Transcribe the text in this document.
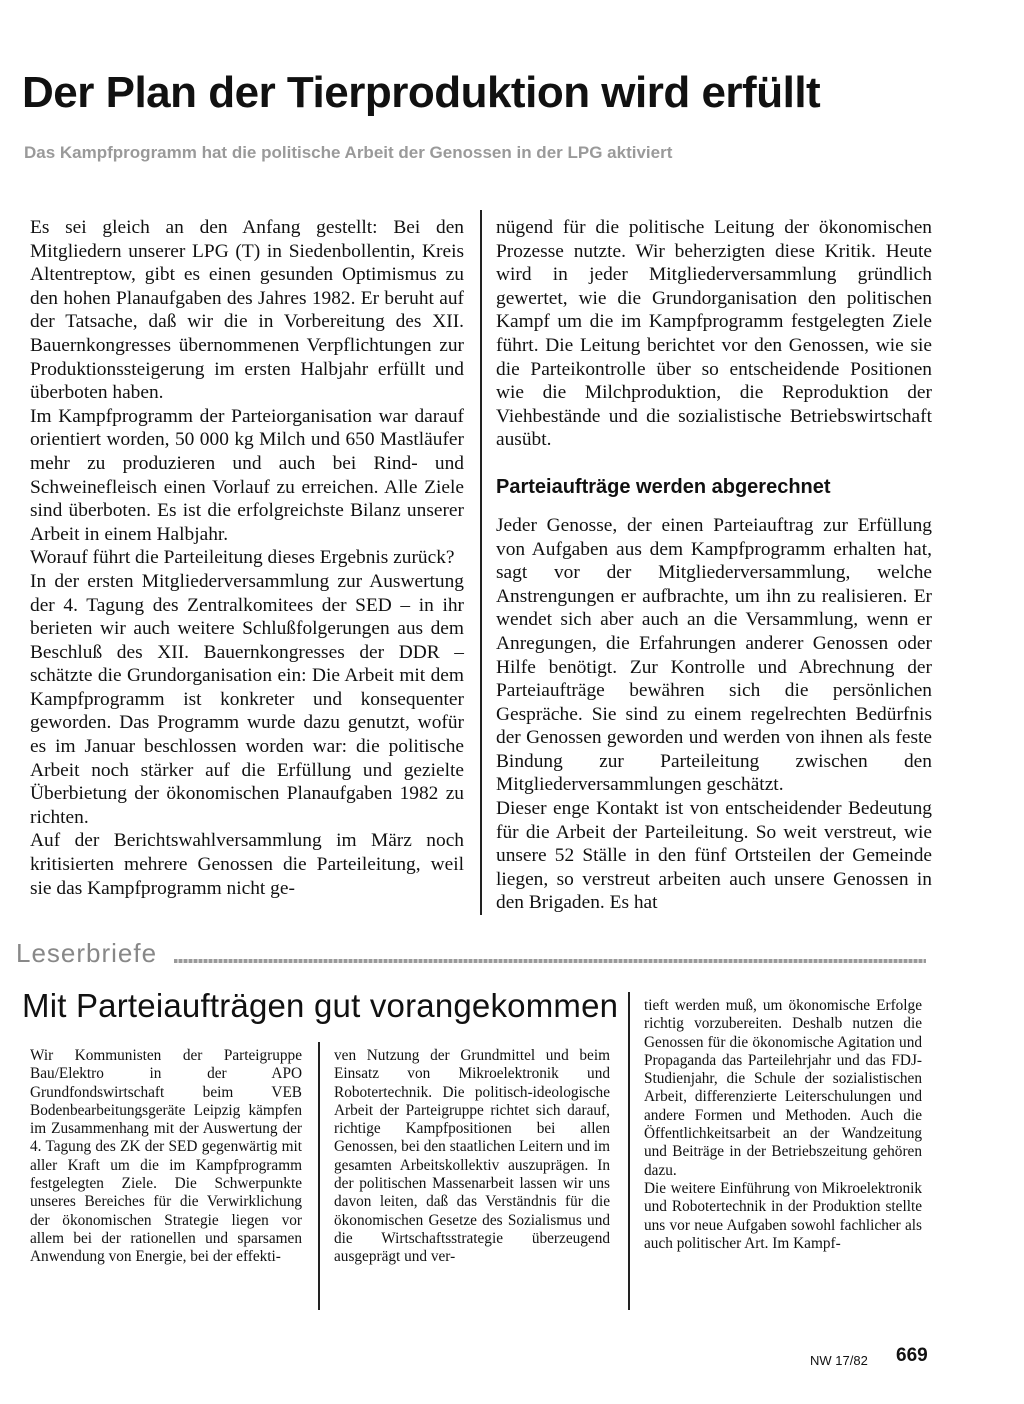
Der Plan der Tierproduktion wird erfüllt
Das Kampfprogramm hat die politische Arbeit der Genossen in der LPG aktiviert

Es sei gleich an den Anfang gestellt: Bei den Mitgliedern unserer LPG (T) in Siedenbollentin, Kreis Altentreptow, gibt es einen gesunden Optimismus zu den hohen Planaufgaben des Jahres 1982. Er beruht auf der Tatsache, daß wir die in Vorbereitung des XII. Bauernkongresses übernommenen Verpflichtungen zur Produktionssteigerung im ersten Halbjahr erfüllt und überboten haben.

Im Kampfprogramm der Parteiorganisation war darauf orientiert worden, 50 000 kg Milch und 650 Mastläufer mehr zu produzieren und auch bei Rind- und Schweinefleisch einen Vorlauf zu erreichen. Alle Ziele sind überboten. Es ist die erfolgreichste Bilanz unserer Arbeit in einem Halbjahr.

Worauf führt die Parteileitung dieses Ergebnis zurück?

In der ersten Mitgliederversammlung zur Auswertung der 4. Tagung des Zentralkomitees der SED – in ihr berieten wir auch weitere Schlußfolgerungen aus dem Beschluß des XII. Bauernkongresses der DDR – schätzte die Grundorganisation ein: Die Arbeit mit dem Kampfprogramm ist konkreter und konsequenter geworden. Das Programm wurde dazu genutzt, wofür es im Januar beschlossen worden war: die politische Arbeit noch stärker auf die Erfüllung und gezielte Überbietung der ökonomischen Planaufgaben 1982 zu richten.

Auf der Berichtswahlversammlung im März noch kritisierten mehrere Genossen die Parteileitung, weil sie das Kampfprogramm nicht ge-

nügend für die politische Leitung der ökonomischen Prozesse nutzte. Wir beherzigten diese Kritik. Heute wird in jeder Mitgliederversammlung gründlich gewertet, wie die Grundorganisation den politischen Kampf um die im Kampfprogramm festgelegten Ziele führt. Die Leitung berichtet vor den Genossen, wie sie die Parteikontrolle über so entscheidende Positionen wie die Milchproduktion, die Reproduktion der Viehbestände und die sozialistische Betriebswirtschaft ausübt.

Parteiaufträge werden abgerechnet

Jeder Genosse, der einen Parteiauftrag zur Erfüllung von Aufgaben aus dem Kampfprogramm erhalten hat, sagt vor der Mitgliederversammlung, welche Anstrengungen er aufbrachte, um ihn zu realisieren. Er wendet sich aber auch an die Versammlung, wenn er Anregungen, die Erfahrungen anderer Genossen oder Hilfe benötigt. Zur Kontrolle und Abrechnung der Parteiaufträge bewähren sich die persönlichen Gespräche. Sie sind zu einem regelrechten Bedürfnis der Genossen geworden und werden von ihnen als feste Bindung zur Parteileitung zwischen den Mitgliederversammlungen geschätzt.

Dieser enge Kontakt ist von entscheidender Bedeutung für die Arbeit der Parteileitung. So weit verstreut, wie unsere 52 Ställe in den fünf Ortsteilen der Gemeinde liegen, so verstreut arbeiten auch unsere Genossen in den Brigaden. Es hat

Leserbriefe
Mit Parteiaufträgen gut vorangekommen

Wir Kommunisten der Parteigruppe Bau/Elektro in der APO Grundfondswirtschaft beim VEB Bodenbearbeitungsgeräte Leipzig kämpfen im Zusammenhang mit der Auswertung der 4. Tagung des ZK der SED gegenwärtig mit aller Kraft um die im Kampfprogramm festgelegten Ziele. Die Schwerpunkte unseres Bereiches für die Verwirklichung der ökonomischen Strategie liegen vor allem bei der rationellen und sparsamen Anwendung von Energie, bei der effekti-

ven Nutzung der Grundmittel und beim Einsatz von Mikroelektronik und Robotertechnik. Die politisch-ideologische Arbeit der Parteigruppe richtet sich darauf, richtige Kampfpositionen bei allen Genossen, bei den staatlichen Leitern und im gesamten Arbeitskollektiv auszuprägen. In der politischen Massenarbeit lassen wir uns davon leiten, daß das Verständnis für die ökonomischen Gesetze des Sozialismus und die Wirtschaftsstrategie überzeugend ausgeprägt und ver-

tieft werden muß, um ökonomische Erfolge richtig vorzubereiten. Deshalb nutzen die Genossen für die ökonomische Agitation und Propaganda das Parteilehrjahr und das FDJ-Studienjahr, die Schule der sozialistischen Arbeit, differenzierte Leiterschulungen und andere Formen und Methoden. Auch die Öffentlichkeitsarbeit an der Wandzeitung und Beiträge in der Betriebszeitung gehören dazu.

Die weitere Einführung von Mikroelektronik und Robotertechnik in der Produktion stellte uns vor neue Aufgaben sowohl fachlicher als auch politischer Art. Im Kampf-

NW 17/82 669
